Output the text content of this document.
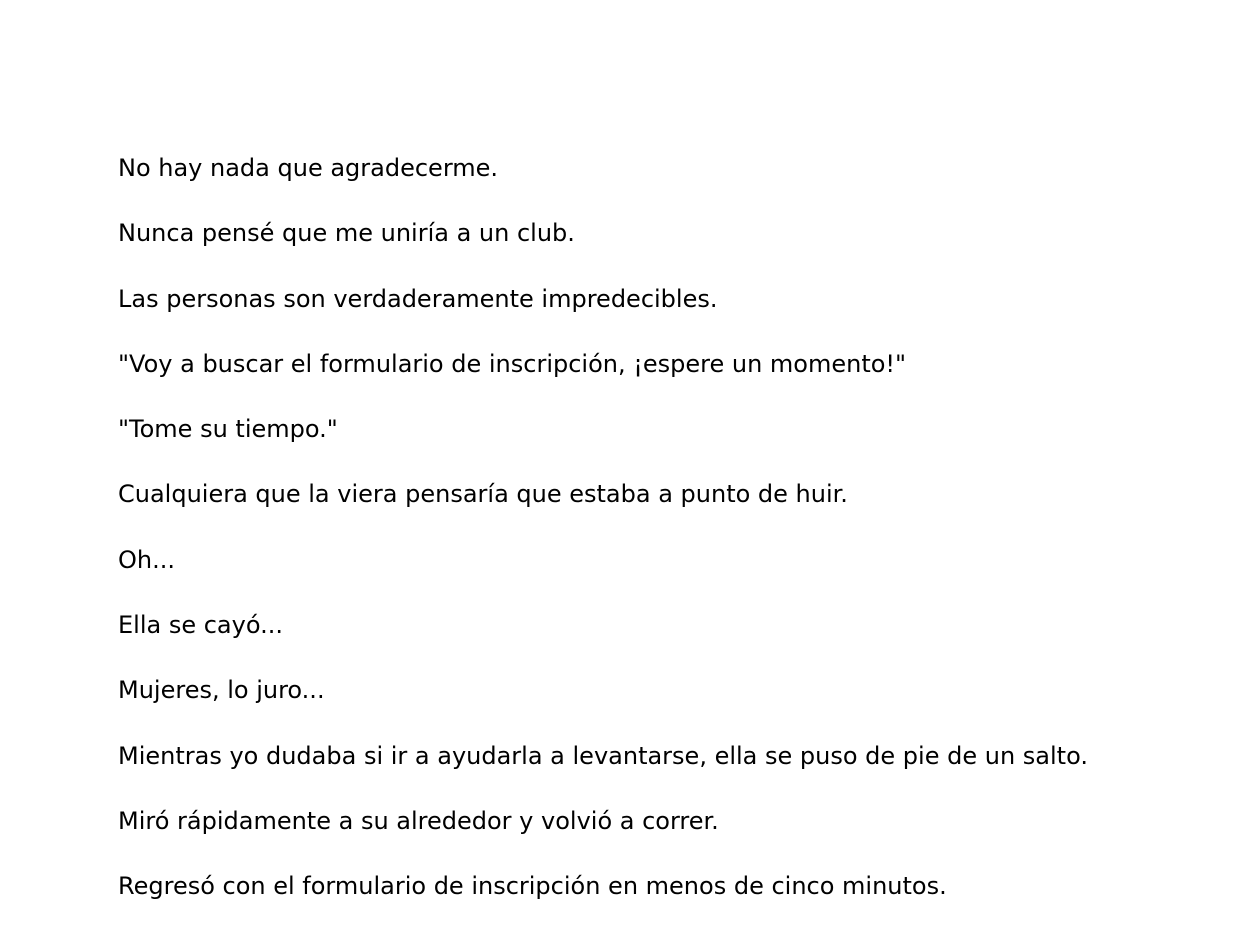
No hay nada que agradecerme.

Nunca pensé que me uniría a un club.

Las personas son verdaderamente impredecibles.

"Voy a buscar el formulario de inscripción, ¡espere un momento!"

"Tome su tiempo."

Cualquiera que la viera pensaría que estaba a punto de huir.

Oh...

Ella se cayó...

Mujeres, lo juro...

Mientras yo dudaba si ir a ayudarla a levantarse, ella se puso de pie de un salto.

Miró rápidamente a su alrededor y volvió a correr.

Regresó con el formulario de inscripción en menos de cinco minutos.
